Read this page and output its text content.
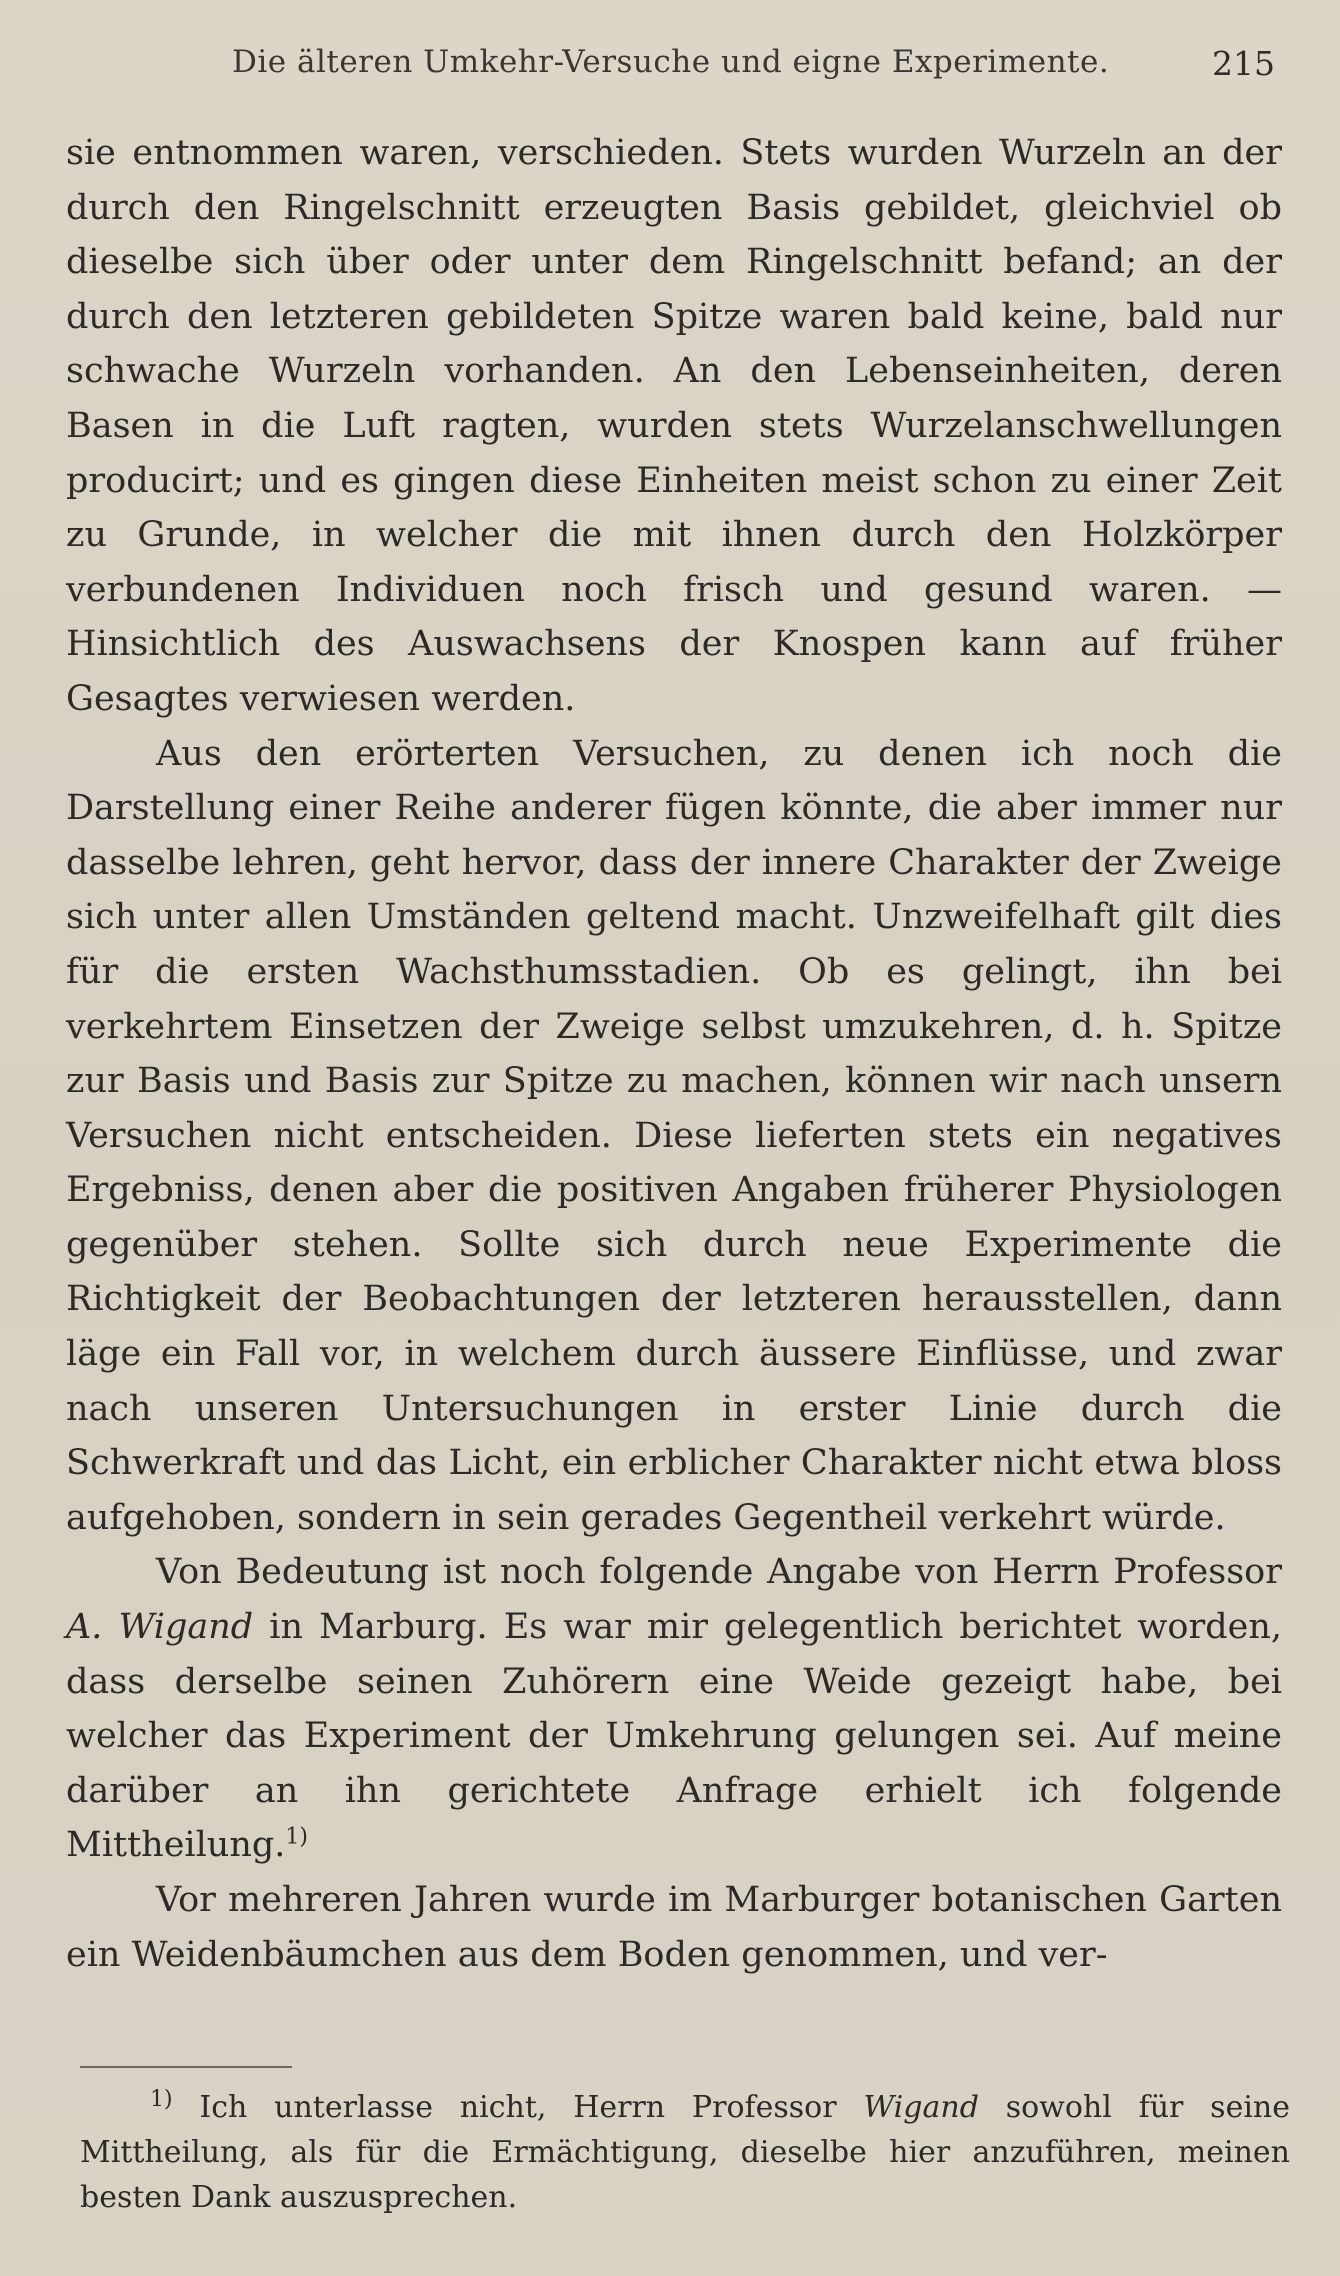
Die älteren Umkehr-Versuche und eigne Experimente.	215

sie entnommen waren, verschieden. Stets wurden Wurzeln an der durch den Ringelschnitt erzeugten Basis gebildet, gleichviel ob dieselbe sich über oder unter dem Ringelschnitt befand; an der durch den letzteren gebildeten Spitze waren bald keine, bald nur schwache Wurzeln vorhanden. An den Lebenseinheiten, deren Basen in die Luft ragten, wurden stets Wurzelanschwellungen producirt; und es gingen diese Einheiten meist schon zu einer Zeit zu Grunde, in welcher die mit ihnen durch den Holzkörper verbundenen Individuen noch frisch und gesund waren. — Hinsichtlich des Auswachsens der Knospen kann auf früher Gesagtes verwiesen werden.

Aus den erörterten Versuchen, zu denen ich noch die Darstellung einer Reihe anderer fügen könnte, die aber immer nur dasselbe lehren, geht hervor, dass der innere Charakter der Zweige sich unter allen Umständen geltend macht. Unzweifelhaft gilt dies für die ersten Wachsthumsstadien. Ob es gelingt, ihn bei verkehrtem Einsetzen der Zweige selbst umzukehren, d. h. Spitze zur Basis und Basis zur Spitze zu machen, können wir nach unsern Versuchen nicht entscheiden. Diese lieferten stets ein negatives Ergebniss, denen aber die positiven Angaben früherer Physiologen gegenüber stehen. Sollte sich durch neue Experimente die Richtigkeit der Beobachtungen der letzteren herausstellen, dann läge ein Fall vor, in welchem durch äussere Einflüsse, und zwar nach unseren Untersuchungen in erster Linie durch die Schwerkraft und das Licht, ein erblicher Charakter nicht etwa bloss aufgehoben, sondern in sein gerades Gegentheil verkehrt würde.

Von Bedeutung ist noch folgende Angabe von Herrn Professor A. Wigand in Marburg. Es war mir gelegentlich berichtet worden, dass derselbe seinen Zuhörern eine Weide gezeigt habe, bei welcher das Experiment der Umkehrung gelungen sei. Auf meine darüber an ihn gerichtete Anfrage erhielt ich folgende Mittheilung.$^{1)}$

Vor mehreren Jahren wurde im Marburger botanischen Garten ein Weidenbäumchen aus dem Boden genommen, und ver-

$^{1)}$ Ich unterlasse nicht, Herrn Professor Wigand sowohl für seine Mittheilung, als für die Ermächtigung, dieselbe hier anzuführen, meinen besten Dank auszusprechen.
